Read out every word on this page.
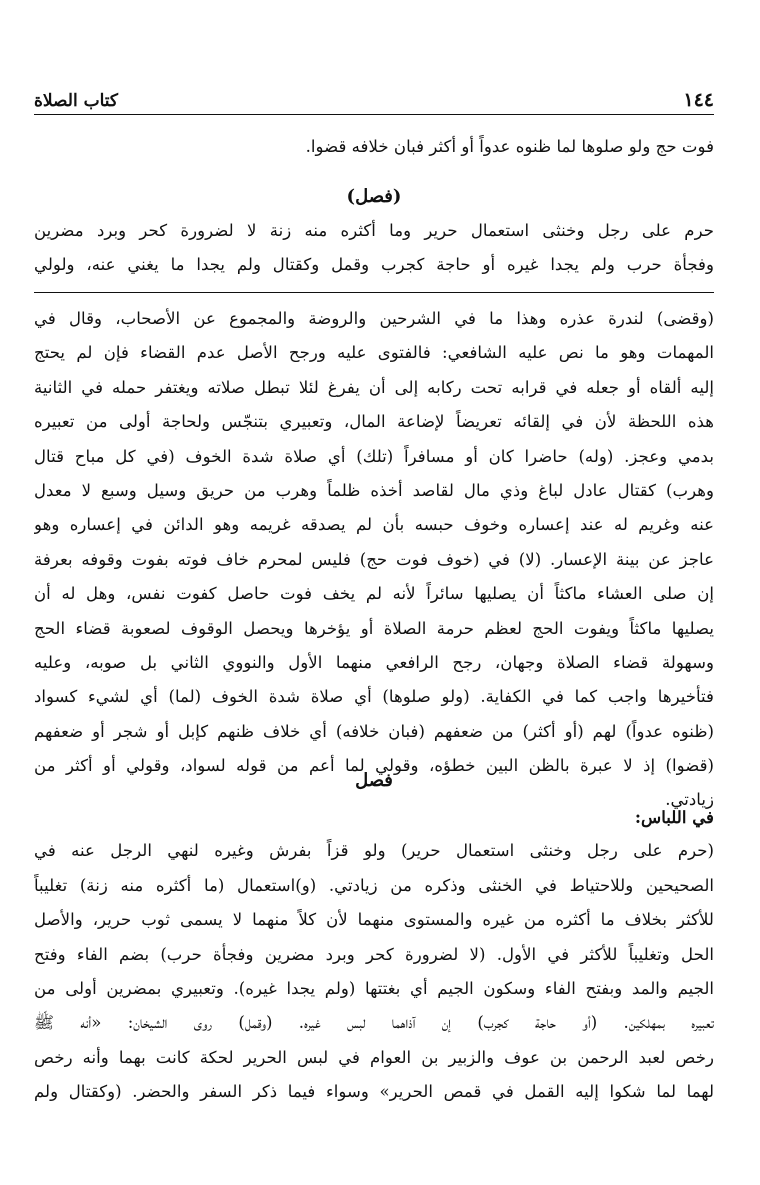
كتاب الصلاة	١٤٤
فوت حج ولو صلوها لما ظنوه عدواً أو أكثر فبان خلافه قضوا.
(فصل)
حرم على رجل وخنثى استعمال حرير وما أكثره منه زنة لا لضرورة كحر وبرد مضرين
وفجأة حرب ولم يجدا غيره أو حاجة كجرب وقمل وكقتال ولم يجدا ما يغني عنه، ولولي
(وقضى) لندرة عذره وهذا ما في الشرحين والروضة والمجموع عن الأصحاب، وقال في
المهمات وهو ما نص عليه الشافعي: فالفتوى عليه ورجح الأصل عدم القضاء فإن لم يحتج
إليه ألقاه أو جعله في قرابه تحت ركابه إلى أن يفرغ لئلا تبطل صلاته ويغتفر حمله في الثانية
هذه اللحظة لأن في إلقائه تعريضاً لإضاعة المال، وتعبيري بتنجّس ولحاجة أولى من تعبيره
بدمي وعجز. (وله) حاضرا كان أو مسافراً (تلك) أي صلاة شدة الخوف (في كل مباح قتال
وهرب) كقتال عادل لباغ وذي مال لقاصد أخذه ظلماً وهرب من حريق وسيل وسبع لا معدل
عنه وغريم له عند إعساره وخوف حبسه بأن لم يصدقه غريمه وهو الدائن في إعساره وهو
عاجز عن بينة الإعسار. (لا) في (خوف فوت حج) فليس لمحرم خاف فوته بفوت وقوفه بعرفة
إن صلى العشاء ماكثاً أن يصليها سائراً لأنه لم يخف فوت حاصل كفوت نفس، وهل له أن
يصليها ماكثاً ويفوت الحج لعظم حرمة الصلاة أو يؤخرها ويحصل الوقوف لصعوبة قضاء الحج
وسهولة قضاء الصلاة وجهان، رجح الرافعي منهما الأول والنووي الثاني بل صوبه، وعليه
فتأخيرها واجب كما في الكفاية. (ولو صلوها) أي صلاة شدة الخوف (لما) أي لشيء كسواد
(ظنوه عدواً) لهم (أو أكثر) من ضعفهم (فبان خلافه) أي خلاف ظنهم كإبل أو شجر أو ضعفهم
(قضوا) إذ لا عبرة بالظن البين خطؤه، وقولي لما أعم من قوله لسواد، وقولي أو أكثر من
زيادتي.
فصل
في اللباس:
(حرم على رجل وخنثى استعمال حرير) ولو قزاً بفرش وغيره لنهي الرجل عنه في
الصحيحين وللاحتياط في الخنثى وذكره من زيادتي. (و)استعمال (ما أكثره منه زنة) تغليباً
للأكثر بخلاف ما أكثره من غيره والمستوى منهما لأن كلاً منهما لا يسمى ثوب حرير، والأصل
الحل وتغليباً للأكثر في الأول. (لا لضرورة كحر وبرد مضرين وفجأة حرب) بضم الفاء وفتح
الجيم والمد وبفتح الفاء وسكون الجيم أي بغتتها (ولم يجدا غيره). وتعبيري بمضرين أولى من
تعبيره بمهلكين. (أو حاجة كجرب) إن آذاهما لبس غيره. (وقمل) روى الشيخان: «أنه ﷺ
رخص لعبد الرحمن بن عوف والزبير بن العوام في لبس الحرير لحكة كانت بهما وأنه رخص
لهما لما شكوا إليه القمل في قمص الحرير» وسواء فيما ذكر السفر والحضر. (وكقتال ولم
